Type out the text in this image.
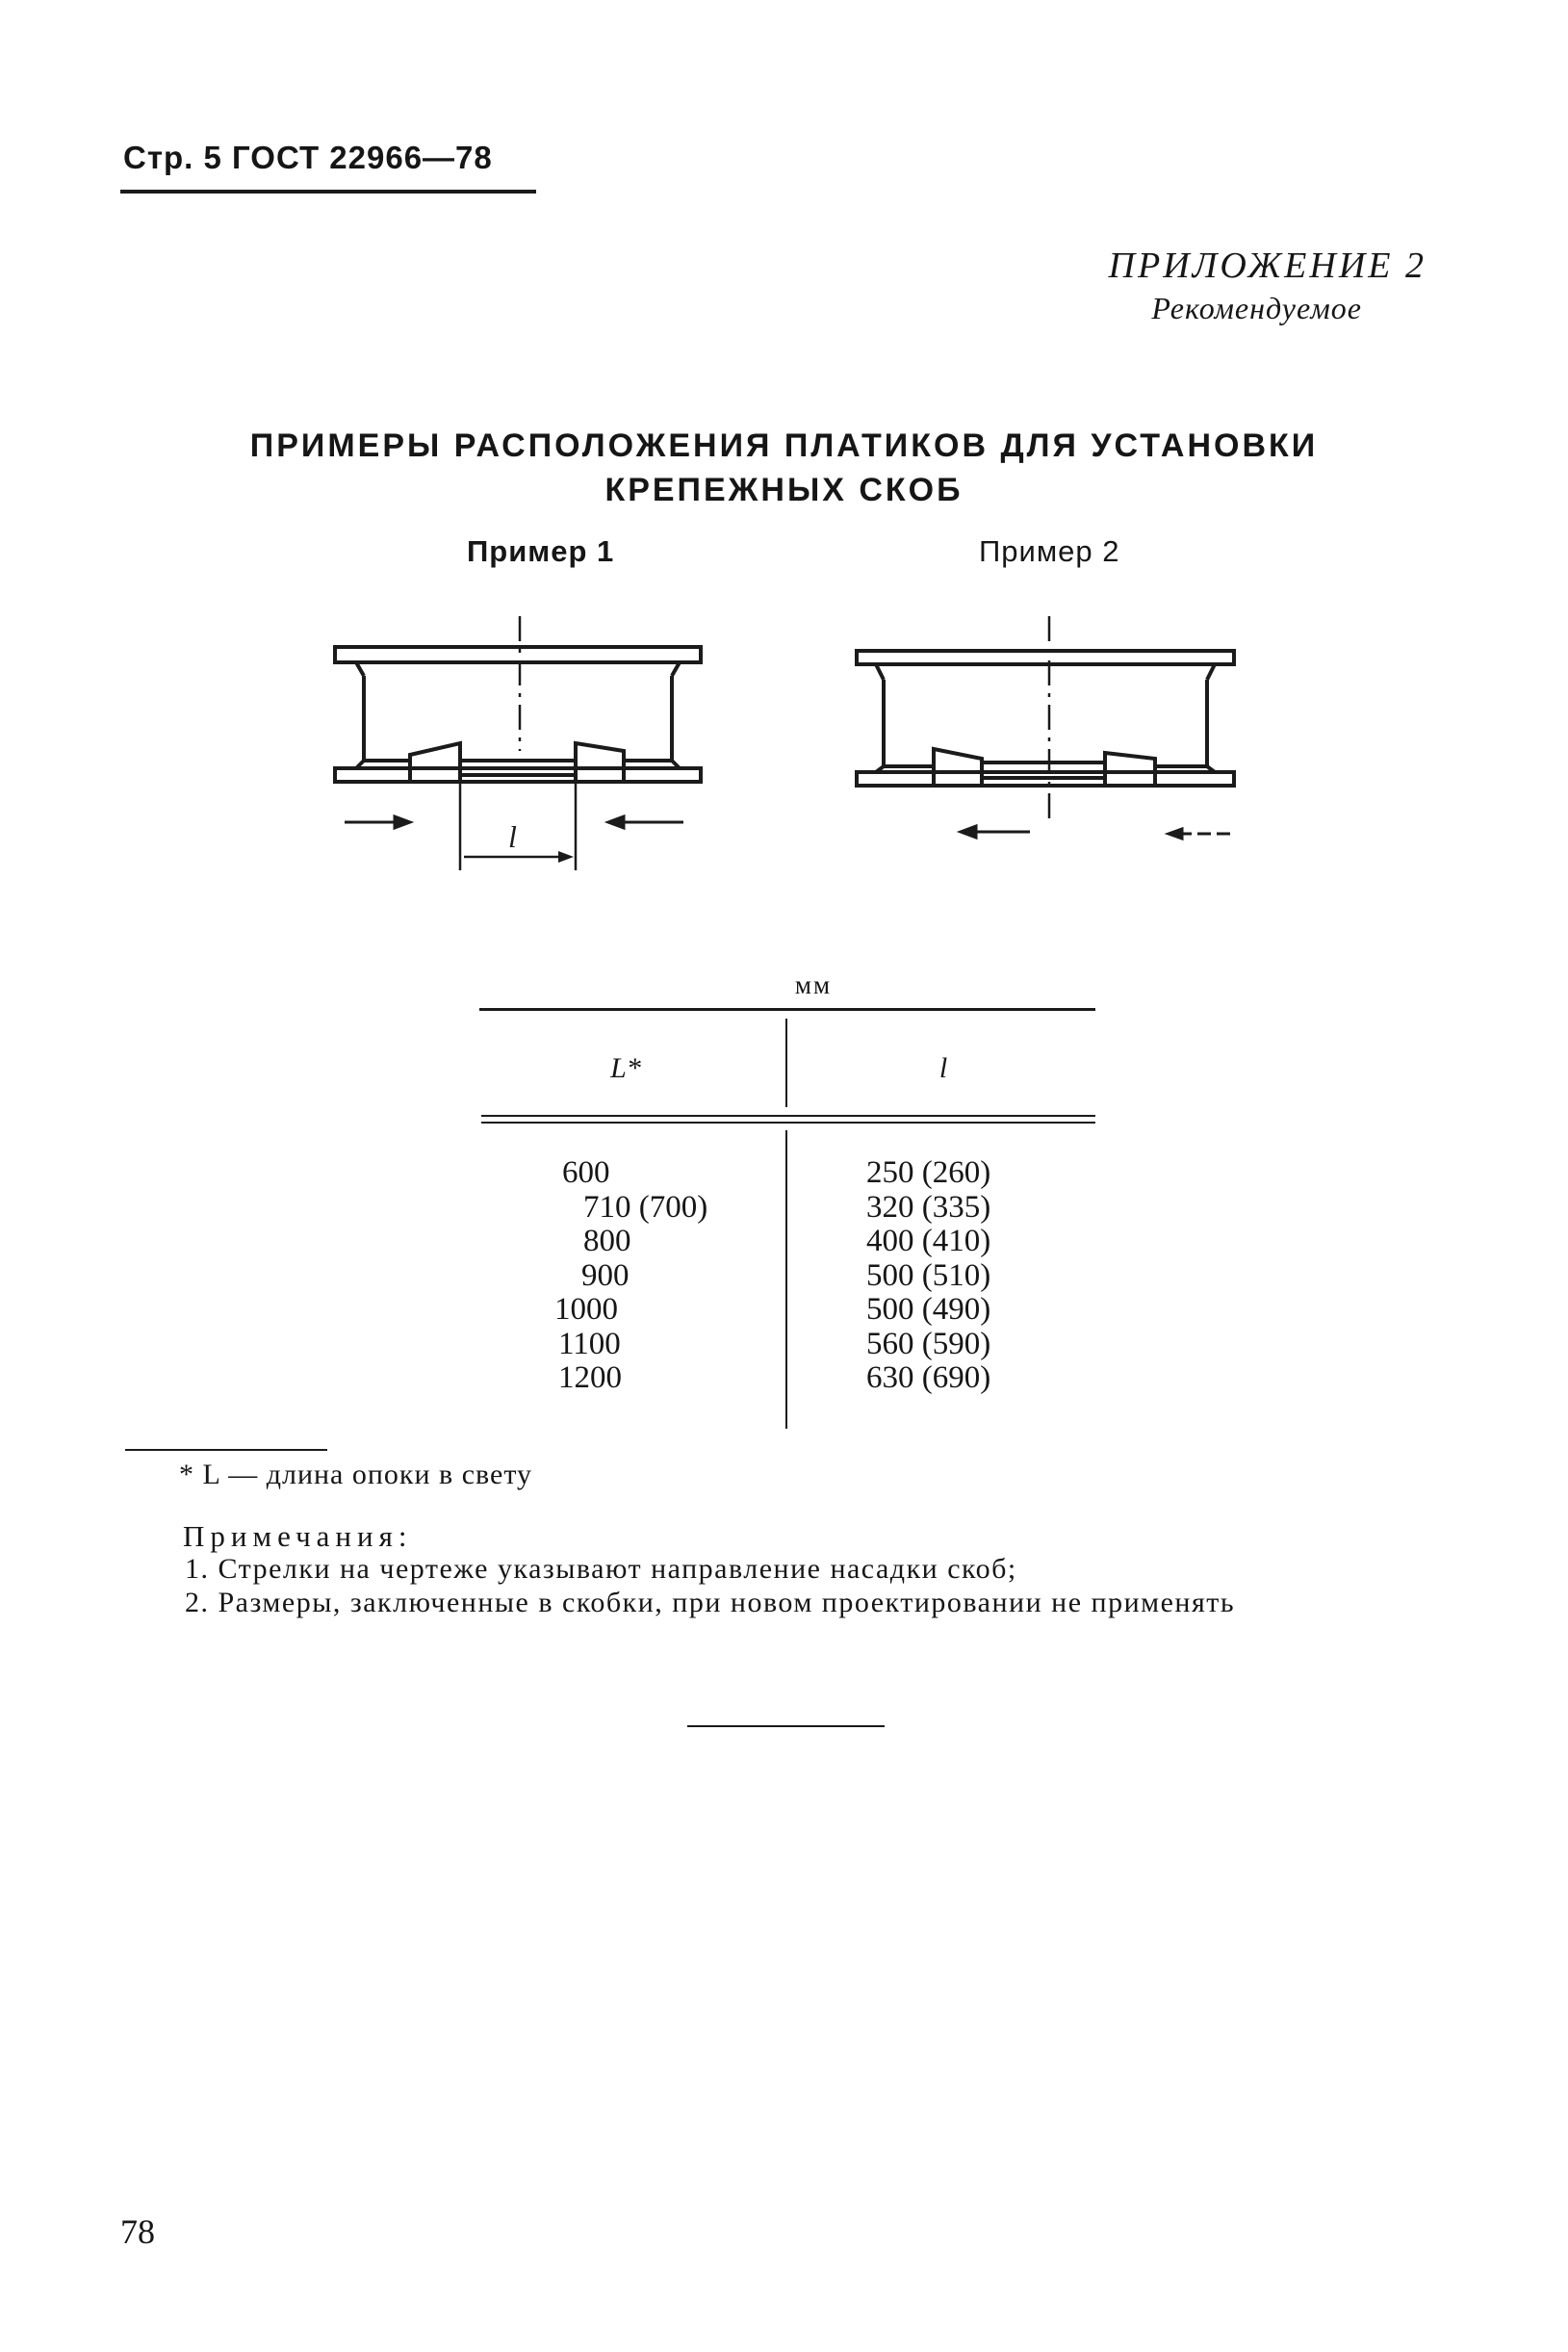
Стр. 5 ГОСТ 22966—78
ПРИЛОЖЕНИЕ 2
Рекомендуемое
ПРИМЕРЫ РАСПОЛОЖЕНИЯ ПЛАТИКОВ ДЛЯ УСТАНОВКИ
КРЕПЕЖНЫХ СКОБ
Пример 1	Пример 2
l
мм
L*	l
600
710 (700)
800
900
1000
1100
1200
250 (260)
320 (335)
400 (410)
500 (510)
500 (490)
560 (590)
630 (690)
* L — длина опоки в свету
Примечания:
1. Стрелки на чертеже указывают направление насадки скоб;
2. Размеры, заключенные в скобки, при новом проектировании не применять
78
